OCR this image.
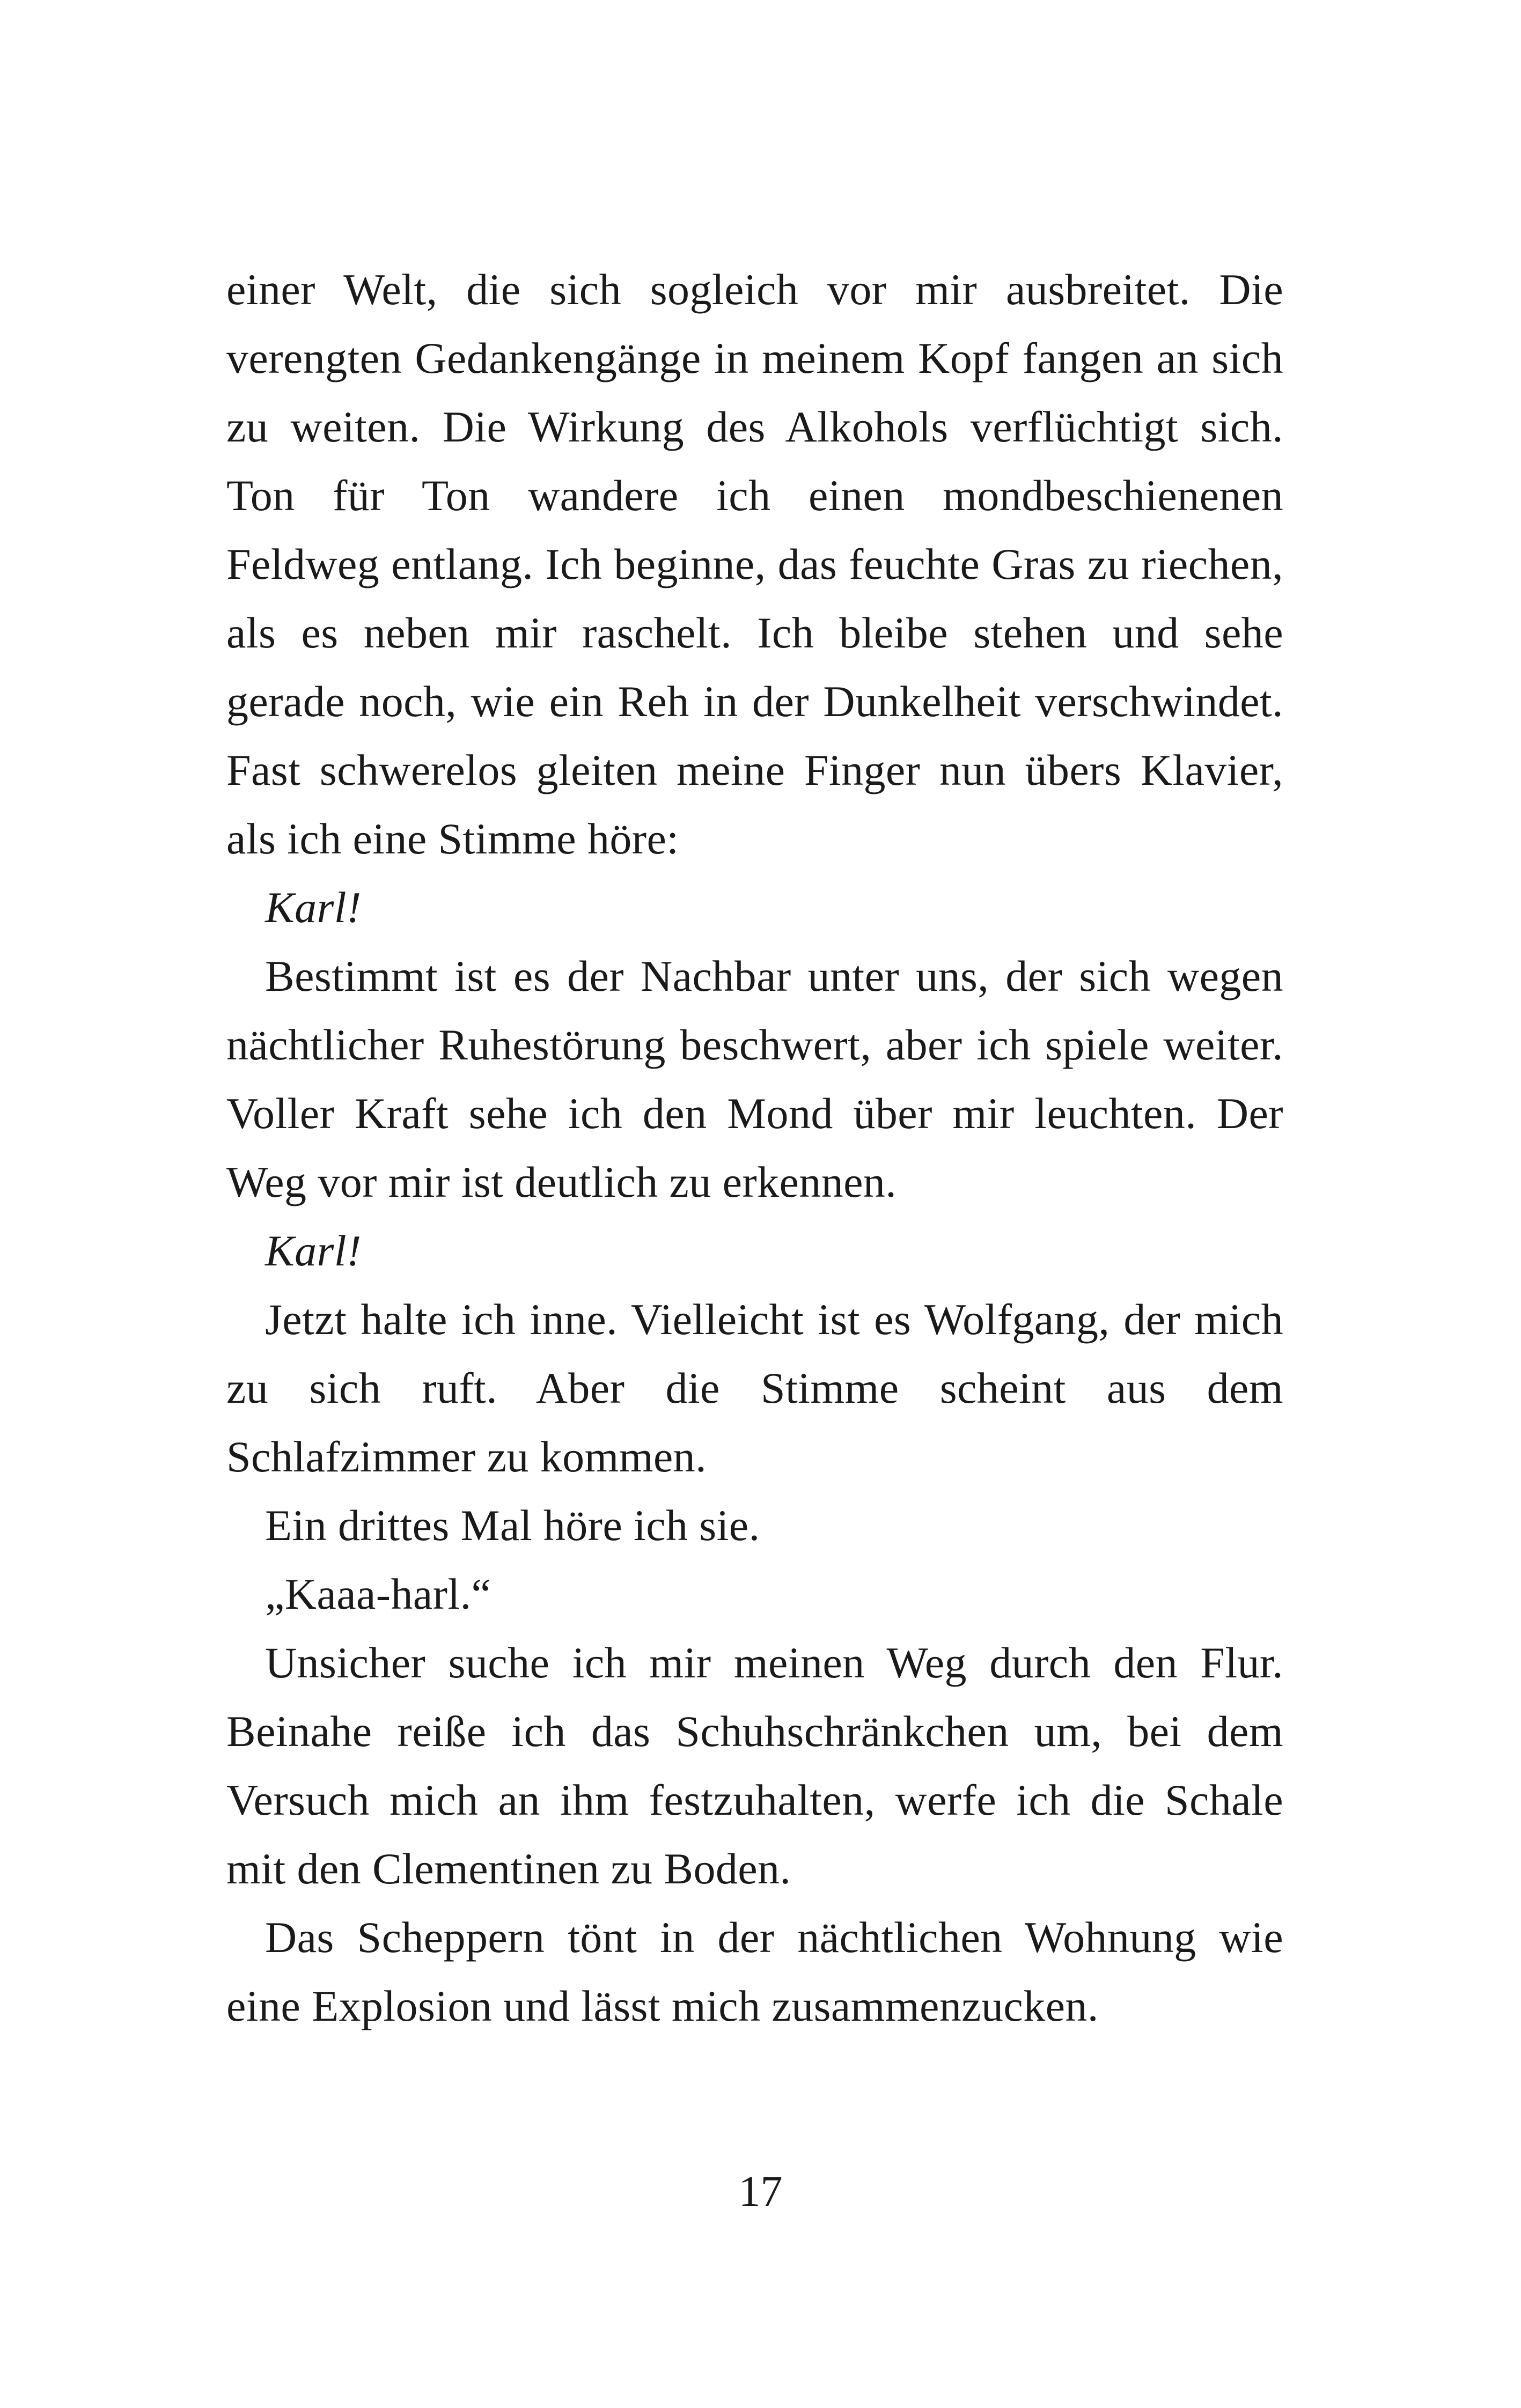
einer Welt, die sich sogleich vor mir ausbreitet. Die verengten Gedankengänge in meinem Kopf fangen an sich zu weiten. Die Wirkung des Alkohols verflüchtigt sich. Ton für Ton wandere ich einen mondbeschienenen Feldweg entlang. Ich beginne, das feuchte Gras zu riechen, als es neben mir raschelt. Ich bleibe stehen und sehe gerade noch, wie ein Reh in der Dunkelheit verschwindet. Fast schwerelos gleiten meine Finger nun übers Klavier, als ich eine Stimme höre:

Karl!

Bestimmt ist es der Nachbar unter uns, der sich wegen nächtlicher Ruhestörung beschwert, aber ich spiele weiter. Voller Kraft sehe ich den Mond über mir leuchten. Der Weg vor mir ist deutlich zu erkennen.

Karl!

Jetzt halte ich inne. Vielleicht ist es Wolfgang, der mich zu sich ruft. Aber die Stimme scheint aus dem Schlafzimmer zu kommen.

Ein drittes Mal höre ich sie.

„Kaaa-harl.“

Unsicher suche ich mir meinen Weg durch den Flur. Beinahe reiße ich das Schuhschränkchen um, bei dem Versuch mich an ihm festzuhalten, werfe ich die Schale mit den Clementinen zu Boden.

Das Scheppern tönt in der nächtlichen Wohnung wie eine Explosion und lässt mich zusammenzucken.

17
